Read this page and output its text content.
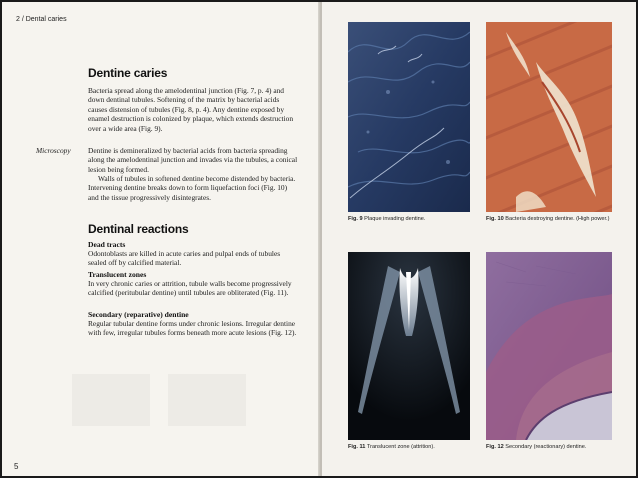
2 / Dental caries
Dentine caries

Bacteria spread along the amelodentinal junction (Fig. 7, p. 4) and down dentinal tubules. Softening of the matrix by bacterial acids causes distension of tubules (Fig. 8, p. 4). Any dentine exposed by enamel destruction is colonized by plaque, which extends destruction over a wide area (Fig. 9).

Microscopy Dentine is demineralized by bacterial acids from bacteria spreading along the amelodentinal junction and invades via the tubules, a conical lesion being formed.

Walls of tubules in softened dentine become distended by bacteria. Intervening dentine breaks down to form liquefaction foci (Fig. 10) and the tissue progressively disintegrates.

Dentinal reactions
Dead tracts

Odontoblasts are killed in acute caries and pulpal ends of tubules sealed off by calcified material.

Translucent zones

In very chronic caries or attrition, tubule walls become progressively calcified (peritubular dentine) until tubules are obliterated (Fig. 11).

Secondary (reparative) dentine

Regular tubular dentine forms under chronic lesions. Irregular dentine with few, irregular tubules forms beneath more acute lesions (Fig. 12).

5
Fig. 9 Plaque invading dentine.	Fig. 10 Bacteria destroying dentine. (High power.)
Fig. 11 Translucent zone (attrition).	Fig. 12 Secondary (reactionary) dentine.
